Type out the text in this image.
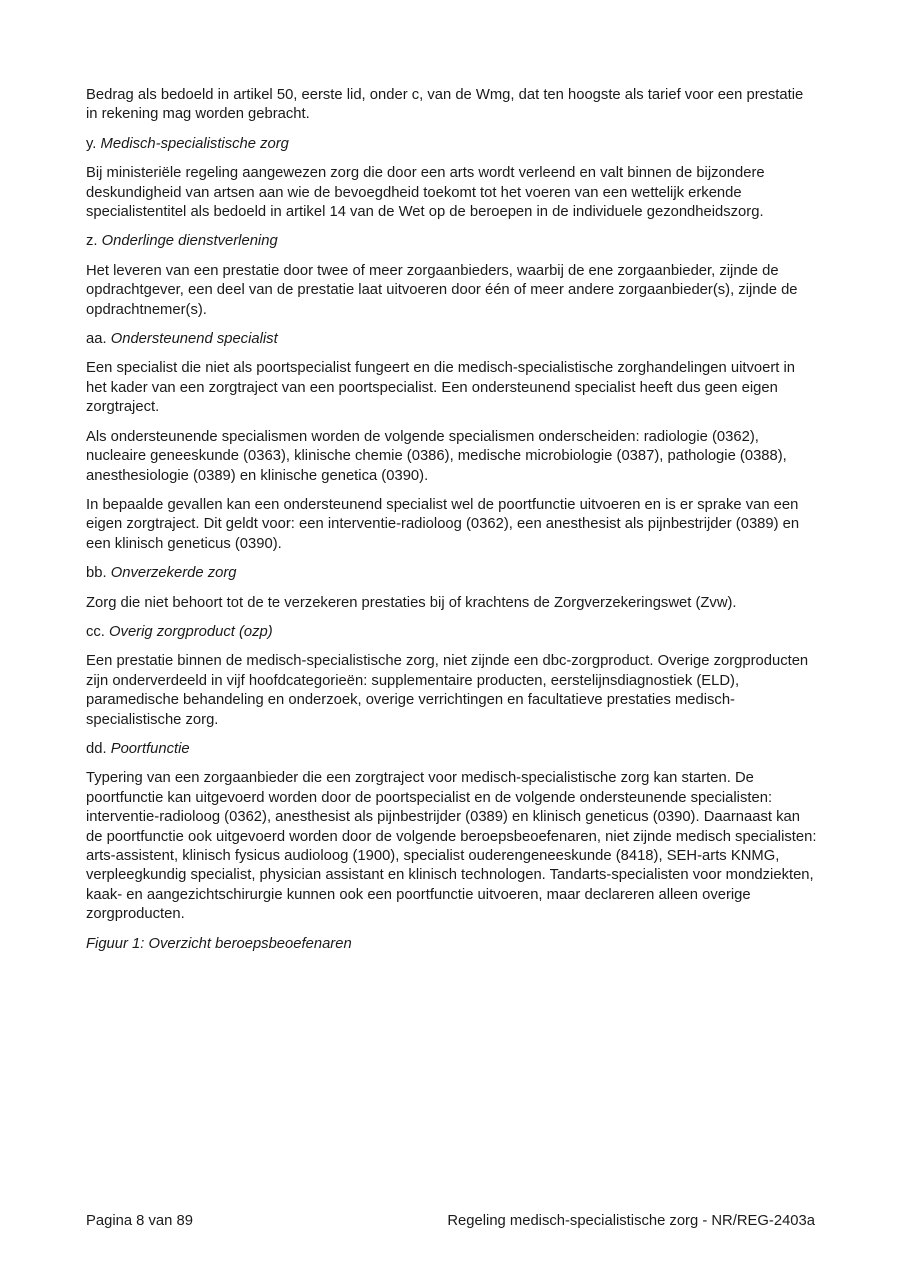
Bedrag als bedoeld in artikel 50, eerste lid, onder c, van de Wmg, dat ten hoogste als tarief voor een prestatie in rekening mag worden gebracht.

y. Medisch-specialistische zorg

Bij ministeriële regeling aangewezen zorg die door een arts wordt verleend en valt binnen de bijzondere deskundigheid van artsen aan wie de bevoegdheid toekomt tot het voeren van een wettelijk erkende specialistentitel als bedoeld in artikel 14 van de Wet op de beroepen in de individuele gezondheidszorg.

z. Onderlinge dienstverlening

Het leveren van een prestatie door twee of meer zorgaanbieders, waarbij de ene zorgaanbieder, zijnde de opdrachtgever, een deel van de prestatie laat uitvoeren door één of meer andere zorgaanbieder(s), zijnde de opdrachtnemer(s).

aa. Ondersteunend specialist

Een specialist die niet als poortspecialist fungeert en die medisch-specialistische zorghandelingen uitvoert in het kader van een zorgtraject van een poortspecialist. Een ondersteunend specialist heeft dus geen eigen zorgtraject.

Als ondersteunende specialismen worden de volgende specialismen onderscheiden: radiologie (0362), nucleaire geneeskunde (0363), klinische chemie (0386), medische microbiologie (0387), pathologie (0388), anesthesiologie (0389) en klinische genetica (0390).

In bepaalde gevallen kan een ondersteunend specialist wel de poortfunctie uitvoeren en is er sprake van een eigen zorgtraject. Dit geldt voor: een interventie-radioloog (0362), een anesthesist als pijnbestrijder (0389) en een klinisch geneticus (0390).

bb. Onverzekerde zorg

Zorg die niet behoort tot de te verzekeren prestaties bij of krachtens de Zorgverzekeringswet (Zvw).

cc. Overig zorgproduct (ozp)

Een prestatie binnen de medisch-specialistische zorg, niet zijnde een dbc-zorgproduct. Overige zorgproducten zijn onderverdeeld in vijf hoofdcategorieën: supplementaire producten, eerstelijnsdiagnostiek (ELD), paramedische behandeling en onderzoek, overige verrichtingen en facultatieve prestaties medisch-specialistische zorg.

dd. Poortfunctie

Typering van een zorgaanbieder die een zorgtraject voor medisch-specialistische zorg kan starten. De poortfunctie kan uitgevoerd worden door de poortspecialist en de volgende ondersteunende specialisten: interventie-radioloog (0362), anesthesist als pijnbestrijder (0389) en klinisch geneticus (0390). Daarnaast kan de poortfunctie ook uitgevoerd worden door de volgende beroepsbeoefenaren, niet zijnde medisch specialisten: arts-assistent, klinisch fysicus audioloog (1900), specialist ouderengeneeskunde (8418), SEH-arts KNMG, verpleegkundig specialist, physician assistant en klinisch technologen. Tandarts-specialisten voor mondziekten, kaak- en aangezichtschirurgie kunnen ook een poortfunctie uitvoeren, maar declareren alleen overige zorgproducten.

Figuur 1: Overzicht beroepsbeoefenaren

Pagina 8 van 89	Regeling medisch-specialistische zorg - NR/REG-2403a
